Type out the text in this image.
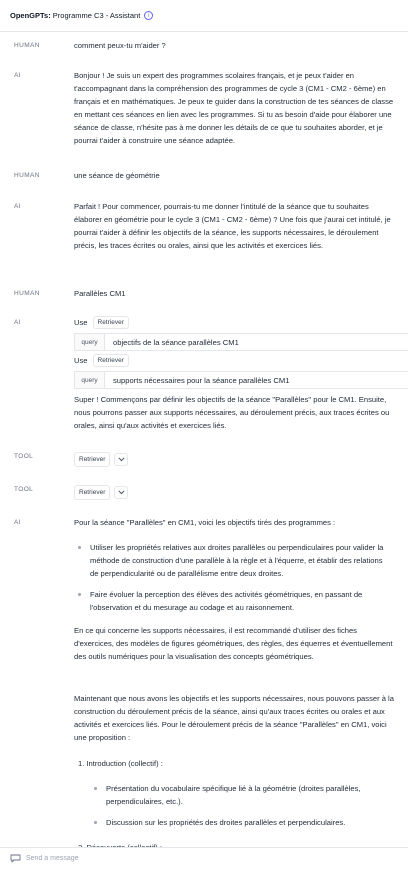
OpenGPTs: Programme C3 - Assistant	i
HUMAN	comment peux-tu m'aider ?
AI	Bonjour ! Je suis un expert des programmes scolaires français, et je peux t'aider en t'accompagnant dans la compréhension des programmes de cycle 3 (CM1 - CM2 - 6ème) en français et en mathématiques. Je peux te guider dans la construction de tes séances de classe en mettant ces séances en lien avec les programmes. Si tu as besoin d'aide pour élaborer une séance de classe, n'hésite pas à me donner les détails de ce que tu souhaites aborder, et je pourrai t'aider à construire une séance adaptée.
HUMAN	une séance de géométrie
AI	Parfait ! Pour commencer, pourrais-tu me donner l'intitulé de la séance que tu souhaites élaborer en géométrie pour le cycle 3 (CM1 - CM2 - 6ème) ? Une fois que j'aurai cet intitulé, je pourrai t'aider à définir les objectifs de la séance, les supports nécessaires, le déroulement précis, les traces écrites ou orales, ainsi que les activités et exercices liés.
HUMAN	Parallèles CM1
AI	Use	Retriever
query	objectifs de la séance parallèles CM1
Use	Retriever
query	supports nécessaires pour la séance parallèles CM1
Super ! Commençons par définir les objectifs de la séance "Parallèles" pour le CM1. Ensuite, nous pourrons passer aux supports nécessaires, au déroulement précis, aux traces écrites ou orales, ainsi qu'aux activités et exercices liés.
TOOL	Retriever
TOOL	Retriever
AI	Pour la séance "Parallèles" en CM1, voici les objectifs tirés des programmes :
Utiliser les propriétés relatives aux droites parallèles ou perpendiculaires pour valider la méthode de construction d'une parallèle à la règle et à l'équerre, et établir des relations de perpendicularité ou de parallélisme entre deux droites.
Faire évoluer la perception des élèves des activités géométriques, en passant de l'observation et du mesurage au codage et au raisonnement.
En ce qui concerne les supports nécessaires, il est recommandé d'utiliser des fiches d'exercices, des modèles de figures géométriques, des règles, des équerres et éventuellement des outils numériques pour la visualisation des concepts géométriques.
Maintenant que nous avons les objectifs et les supports nécessaires, nous pouvons passer à la construction du déroulement précis de la séance, ainsi qu'aux traces écrites ou orales et aux activités et exercices liés. Pour le déroulement précis de la séance "Parallèles" en CM1, voici une proposition :
1. Introduction (collectif) :
Présentation du vocabulaire spécifique lié à la géométrie (droites parallèles, perpendiculaires, etc.).
Discussion sur les propriétés des droites parallèles et perpendiculaires.
Send a message
